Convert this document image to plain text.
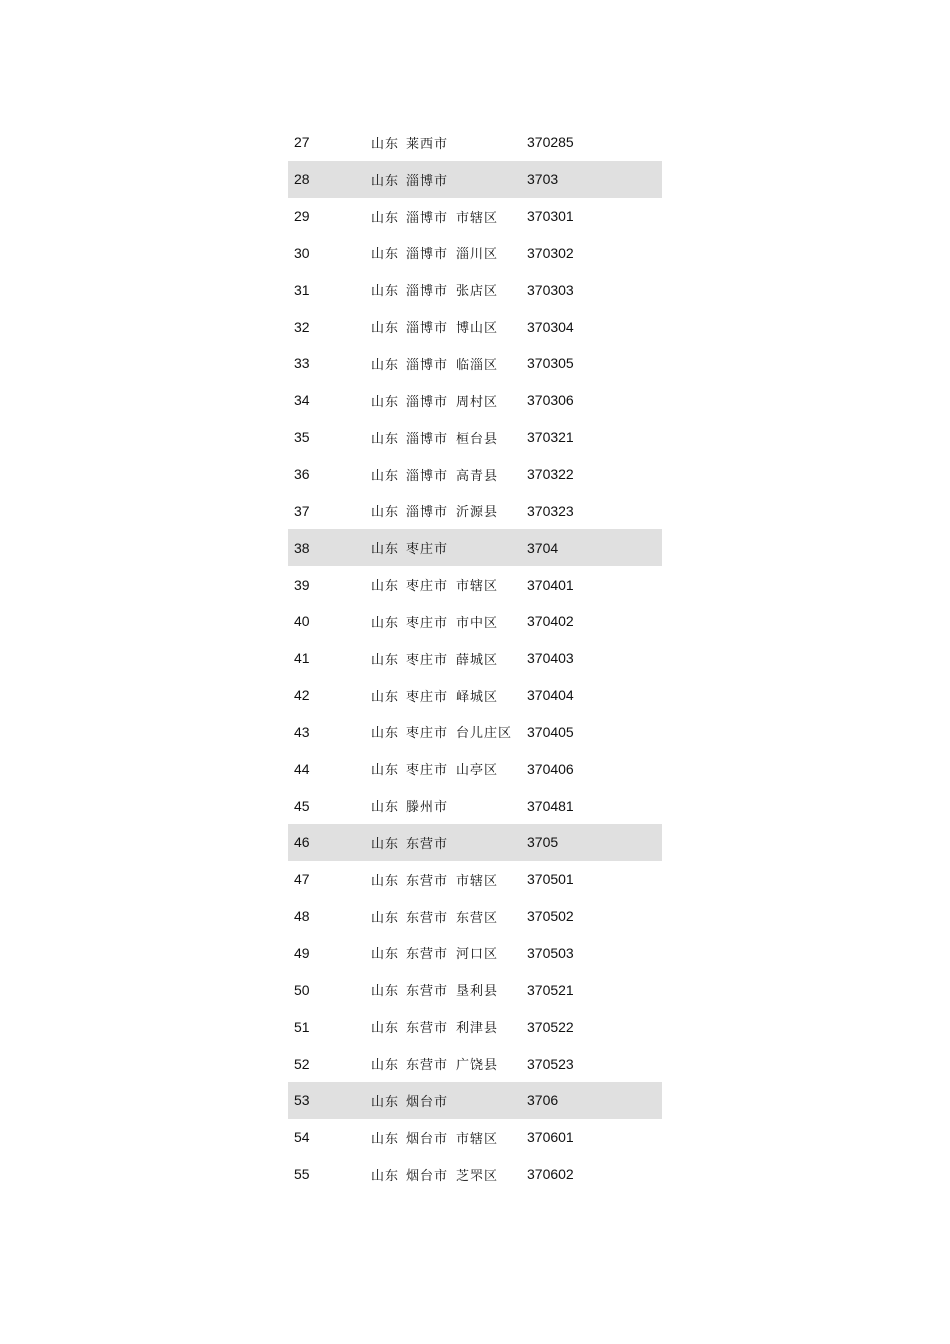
27	山东 莱西市	370285
28	山东 淄博市	3703
29	山东 淄博市 市辖区 370301
30	山东 淄博市 淄川区 370302
31	山东 淄博市 张店区 370303
32	山东 淄博市 博山区 370304
33	山东 淄博市 临淄区 370305
34	山东 淄博市 周村区 370306
35	山东 淄博市 桓台县 370321
36	山东 淄博市 高青县 370322
37	山东 淄博市 沂源县 370323
38	山东 枣庄市	3704
39	山东 枣庄市 市辖区 370401
40	山东 枣庄市 市中区 370402
41	山东 枣庄市 薛城区 370403
42	山东 枣庄市 峄城区 370404
43	山东 枣庄市 台儿庄区 370405
44	山东 枣庄市 山亭区 370406
45	山东 滕州市	370481
46	山东 东营市	3705
47	山东 东营市 市辖区 370501
48	山东 东营市 东营区 370502
49	山东 东营市 河口区 370503
50	山东 东营市 垦利县 370521
51	山东 东营市 利津县 370522
52	山东 东营市 广饶县 370523
53	山东 烟台市	3706
54	山东 烟台市 市辖区 370601
55	山东 烟台市 芝罘区 370602
